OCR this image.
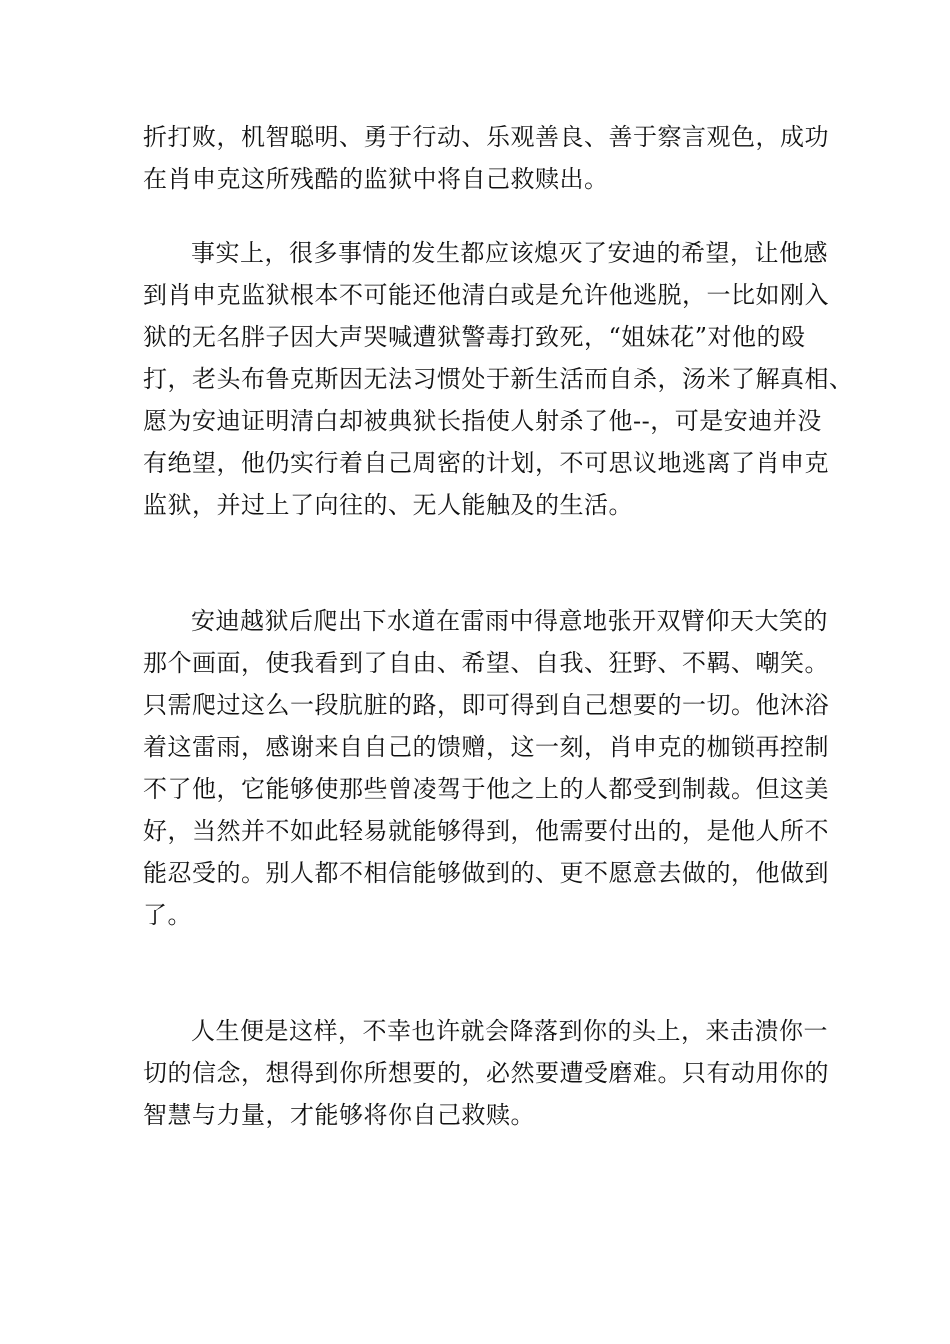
折打败，机智聪明、勇于行动、乐观善良、善于察言观色，成功
在肖申克这所残酷的监狱中将自己救赎出。
事实上，很多事情的发生都应该熄灭了安迪的希望，让他感
到肖申克监狱根本不可能还他清白或是允许他逃脱，一比如刚入
狱的无名胖子因大声哭喊遭狱警毒打致死，“姐妹花”对他的殴
打，老头布鲁克斯因无法习惯处于新生活而自杀，汤米了解真相、
愿为安迪证明清白却被典狱长指使人射杀了他--，可是安迪并没
有绝望，他仍实行着自己周密的计划，不可思议地逃离了肖申克
监狱，并过上了向往的、无人能触及的生活。
安迪越狱后爬出下水道在雷雨中得意地张开双臂仰天大笑的
那个画面，使我看到了自由、希望、自我、狂野、不羁、嘲笑。
只需爬过这么一段肮脏的路，即可得到自己想要的一切。他沐浴
着这雷雨，感谢来自自己的馈赠，这一刻，肖申克的枷锁再控制
不了他，它能够使那些曾凌驾于他之上的人都受到制裁。但这美
好，当然并不如此轻易就能够得到，他需要付出的，是他人所不
能忍受的。别人都不相信能够做到的、更不愿意去做的，他做到
了。
人生便是这样，不幸也许就会降落到你的头上，来击溃你一
切的信念，想得到你所想要的，必然要遭受磨难。只有动用你的
智慧与力量，才能够将你自己救赎。
